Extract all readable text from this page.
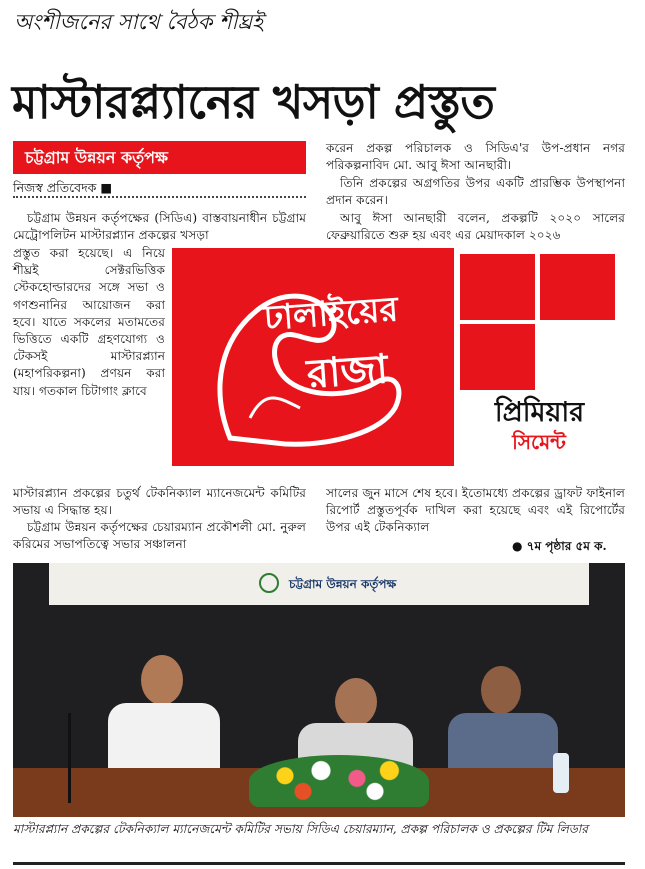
অংশীজনের সাথে বৈঠক শীঘ্রই
মাস্টারপ্ল্যানের খসড়া প্রস্তুত
চট্টগ্রাম উন্নয়ন কর্তৃপক্ষ
নিজস্ব প্রতিবেদক ■
চট্টগ্রাম উন্নয়ন কর্তৃপক্ষের (সিডিএ) বাস্তবায়নাধীন চট্টগ্রাম মেট্রোপলিটন মাস্টারপ্ল্যান প্রকল্পের খসড়া
প্রস্তুত করা হয়েছে। এ নিয়ে শীঘ্রই সেক্টরভিত্তিক স্টেকহোল্ডারদের সঙ্গে সভা ও গণশুনানির আয়োজন করা হবে। যাতে সকলের মতামতের ভিত্তিতে একটি গ্রহণযোগ্য ও টেকসই মাস্টারপ্ল্যান (মহাপরিকল্পনা) প্রণয়ন করা যায়। গতকাল চিটাগাং ক্লাবে
মাস্টারপ্ল্যান প্রকল্পের চতুর্থ টেকনিক্যাল ম্যানেজমেন্ট কমিটির সভায় এ সিদ্ধান্ত হয়।
চট্টগ্রাম উন্নয়ন কর্তৃপক্ষের চেয়ারম্যান প্রকৌশলী মো. নুরুল করিমের সভাপতিত্বে সভার সঞ্চালনা
করেন প্রকল্প পরিচালক ও সিডিএ'র উপ-প্রধান নগর পরিকল্পনাবিদ মো. আবু ঈসা আনছারী।
তিনি প্রকল্পের অগ্রগতির উপর একটি প্রারম্ভিক উপস্থাপনা প্রদান করেন।
আবু ঈসা আনছারী বলেন, প্রকল্পটি ২০২০ সালের ফেব্রুয়ারিতে শুরু হয় এবং এর মেয়াদকাল ২০২৬
সালের জুন মাসে শেষ হবে। ইতোমধ্যে প্রকল্পের ড্রাফট ফাইনাল রিপোর্ট প্রস্তুতপূর্বক দাখিল করা হয়েছে এবং এই রিপোর্টের উপর এই টেকনিক্যাল
● ৭ম পৃষ্ঠার ৫ম ক.
ঢালাইয়ের
রাজা
প্রিমিয়ার
সিমেন্ট
চট্টগ্রাম উন্নয়ন কর্তৃপক্ষ
মাস্টারপ্ল্যান প্রকল্পের টেকনিক্যাল ম্যানেজমেন্ট কমিটির সভায় সিডিএ চেয়ারম্যান, প্রকল্প পরিচালক ও প্রকল্পের টিম লিডার
